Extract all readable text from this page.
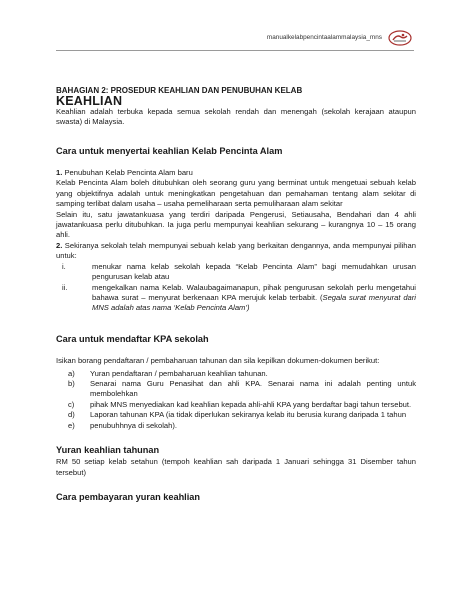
manualkelabpencintaalammalaysia_mns

BAHAGIAN 2: PROSEDUR KEAHLIAN DAN PENUBUHAN KELAB

KEAHLIAN

Keahlian adalah terbuka kepada semua sekolah rendah dan menengah (sekolah kerajaan ataupun swasta) di Malaysia.

Cara untuk menyertai keahlian Kelab Pencinta Alam

1. Penubuhan Kelab Pencinta Alam baru

Kelab Pencinta Alam boleh ditubuhkan oleh seorang guru yang berminat untuk mengetuai sebuah kelab yang objektifnya adalah untuk meningkatkan pengetahuan dan pemahaman tentang alam sekitar di samping terlibat dalam usaha – usaha pemeliharaan serta pemuliharaan alam sekitar

Selain itu, satu jawatankuasa yang terdiri daripada Pengerusi, Setiausaha, Bendahari dan 4 ahli jawatankuasa perlu ditubuhkan. Ia juga perlu mempunyai keahlian sekurang – kurangnya 10 – 15 orang ahli.

2. Sekiranya sekolah telah mempunyai sebuah kelab yang berkaitan dengannya, anda mempunyai pilihan untuk:

i.	menukar nama kelab sekolah kepada “Kelab Pencinta Alam” bagi memudahkan urusan pengurusan kelab atau
ii.	mengekalkan nama Kelab. Walaubagaimanapun, pihak pengurusan sekolah perlu mengetahui bahawa surat – menyurat berkenaan KPA merujuk kelab terbabit. (Segala surat menyurat dari MNS adalah atas nama ‘Kelab Pencinta Alam’)
Cara untuk mendaftar KPA sekolah

Isikan borang pendaftaran / pembaharuan tahunan dan sila kepilkan dokumen-dokumen berikut:

a)	Yuran pendaftaran / pembaharuan keahlian tahunan.
b)	Senarai nama Guru Penasihat dan ahli KPA. Senarai nama ini adalah penting untuk membolehkan
c)	pihak MNS menyediakan kad keahlian kepada ahli-ahli KPA yang berdaftar bagi tahun tersebut.
d)	Laporan tahunan KPA (ia tidak diperlukan sekiranya kelab itu berusia kurang daripada 1 tahun
e)	penubuhhnya di sekolah).
Yuran keahlian tahunan

RM 50 setiap kelab setahun (tempoh keahlian sah daripada 1 Januari sehingga 31 Disember tahun tersebut)

Cara pembayaran yuran keahlian
